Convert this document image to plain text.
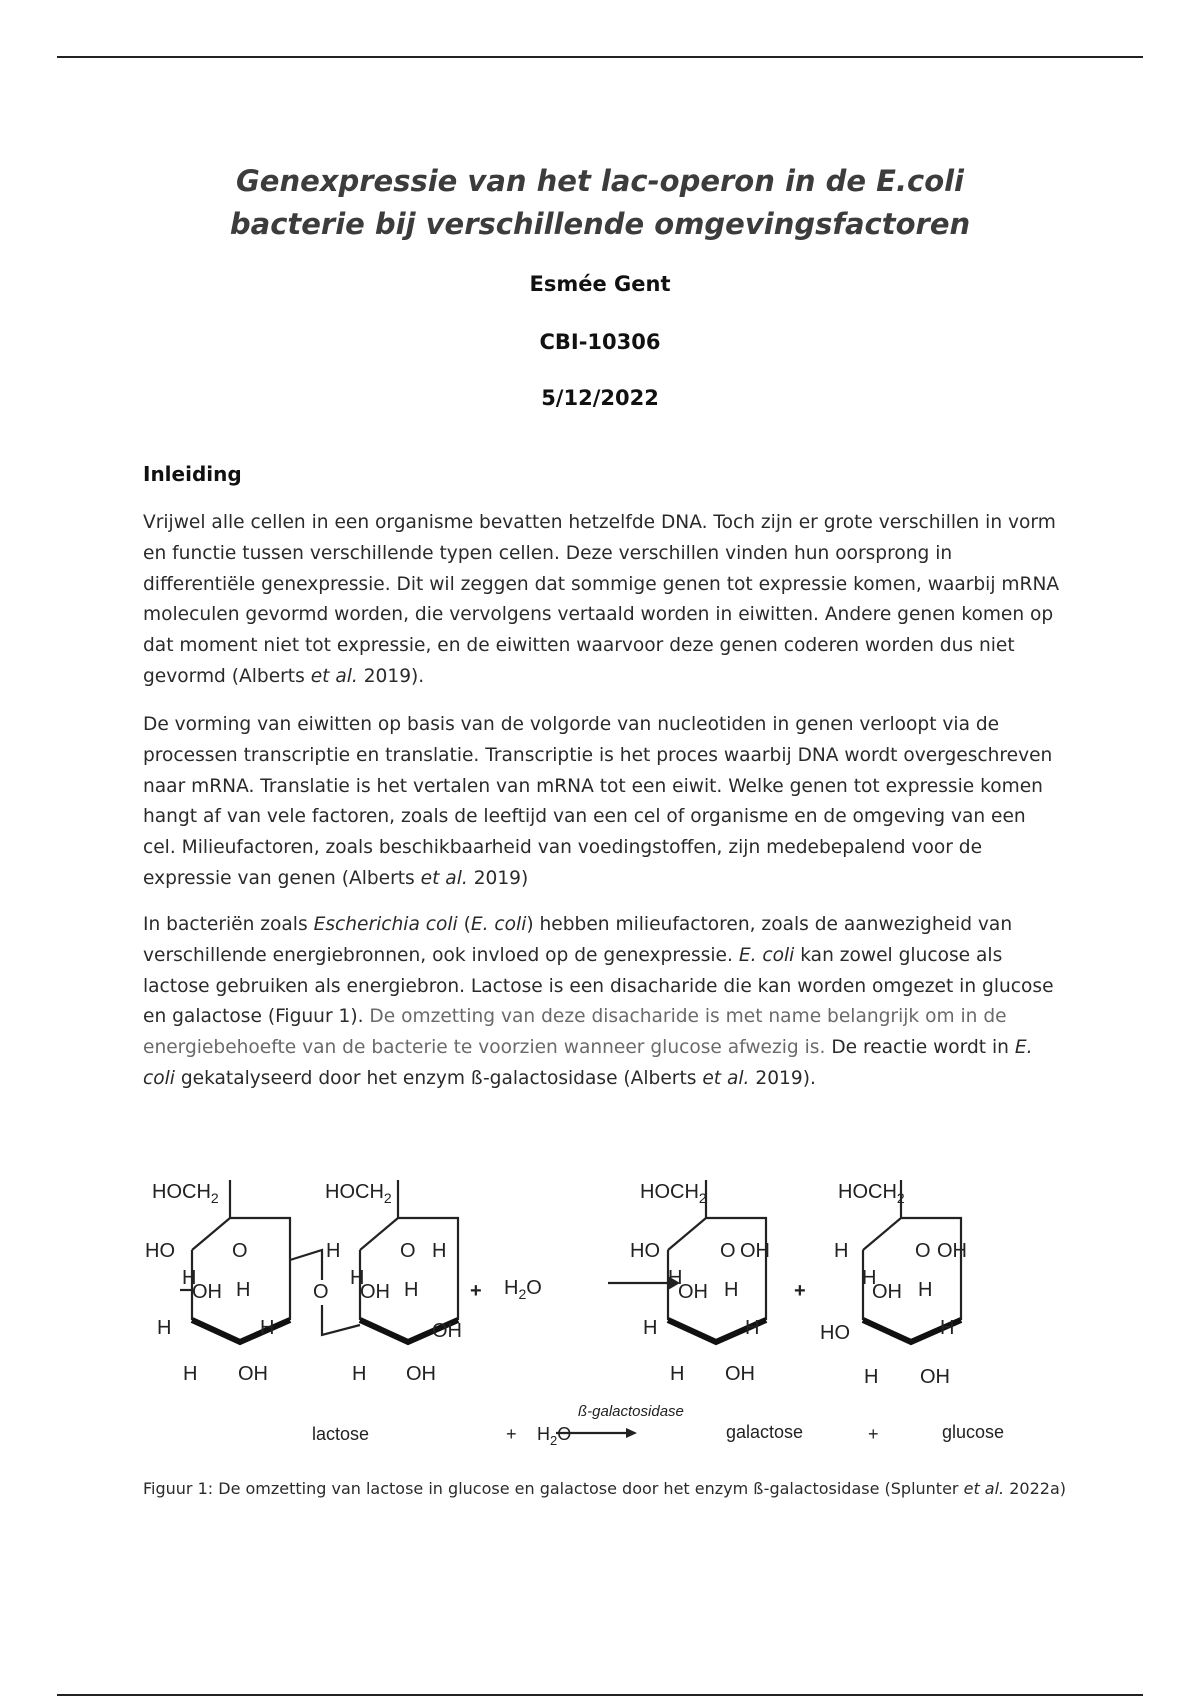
Genexpressie van het lac-operon in de E.coli
bacterie bij verschillende omgevingsfactoren
Esmée Gent
CBI-10306
5/12/2022
Inleiding
Vrijwel alle cellen in een organisme bevatten hetzelfde DNA. Toch zijn er grote verschillen in vorm en functie tussen verschillende typen cellen. Deze verschillen vinden hun oorsprong in differentiële genexpressie. Dit wil zeggen dat sommige genen tot expressie komen, waarbij mRNA moleculen gevormd worden, die vervolgens vertaald worden in eiwitten. Andere genen komen op dat moment niet tot expressie, en de eiwitten waarvoor deze genen coderen worden dus niet gevormd (Alberts et al. 2019).
De vorming van eiwitten op basis van de volgorde van nucleotiden in genen verloopt via de processen transcriptie en translatie. Transcriptie is het proces waarbij DNA wordt overgeschreven naar mRNA. Translatie is het vertalen van mRNA tot een eiwit. Welke genen tot expressie komen hangt af van vele factoren, zoals de leeftijd van een cel of organisme en de omgeving van een cel. Milieufactoren, zoals beschikbaarheid van voedingstoffen, zijn medebepalend voor de expressie van genen (Alberts et al. 2019)
In bacteriën zoals Escherichia coli (E. coli) hebben milieufactoren, zoals de aanwezigheid van verschillende energiebronnen, ook invloed op de genexpressie. E. coli kan zowel glucose als lactose gebruiken als energiebron. Lactose is een disacharide die kan worden omgezet in glucose en galactose (Figuur 1). De omzetting van deze disacharide is met name belangrijk om in de energiebehoefte van de bacterie te voorzien wanneer glucose afwezig is. De reactie wordt in E. coli gekatalyseerd door het enzym ß-galactosidase (Alberts et al. 2019).
$HOCH_2$
HO	O
H
OH H
H	H
H OH
O
$HOCH_2$
H	O H
H
OH H
OH
H OH
+ $H_2O$
$HOCH_2$
HO	O OH
H
OH H
H	H
H OH
+
$HOCH_2$
H	O OH
H
OH H
HO	H
H OH
lactose	+ $H_2O$
ß-galactosidase
galactose	+	glucose
Figuur 1: De omzetting van lactose in glucose en galactose door het enzym ß-galactosidase (Splunter et al. 2022a)
